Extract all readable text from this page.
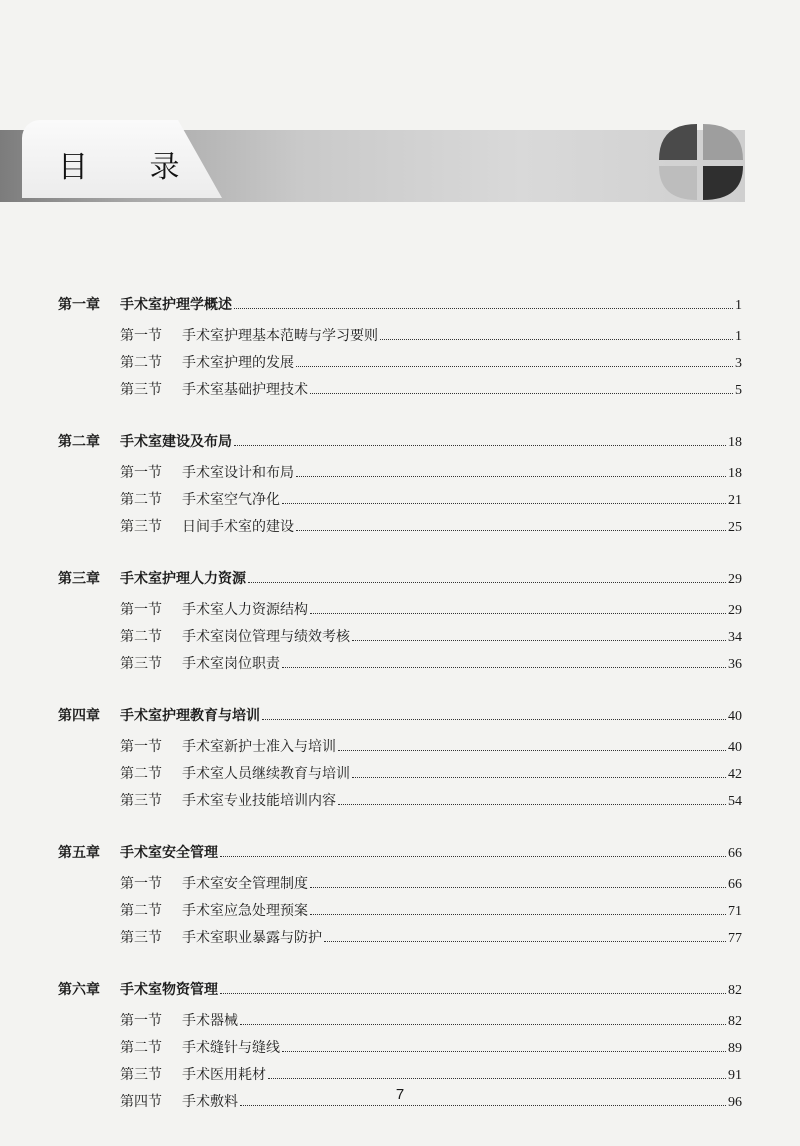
目 录
第一章 手术室护理学概述	1
第一节 手术室护理基本范畴与学习要则	1
第二节 手术室护理的发展	3
第三节 手术室基础护理技术	5
第二章 手术室建设及布局	18
第一节 手术室设计和布局	18
第二节 手术室空气净化	21
第三节 日间手术室的建设	25
第三章 手术室护理人力资源	29
第一节 手术室人力资源结构	29
第二节 手术室岗位管理与绩效考核	34
第三节 手术室岗位职责	36
第四章 手术室护理教育与培训	40
第一节 手术室新护士准入与培训	40
第二节 手术室人员继续教育与培训	42
第三节 手术室专业技能培训内容	54
第五章 手术室安全管理	66
第一节 手术室安全管理制度	66
第二节 手术室应急处理预案	71
第三节 手术室职业暴露与防护	77
第六章 手术室物资管理	82
第一节 手术器械	82
第二节 手术缝针与缝线	89
第三节 手术医用耗材	91
第四节 手术敷料	96
7
